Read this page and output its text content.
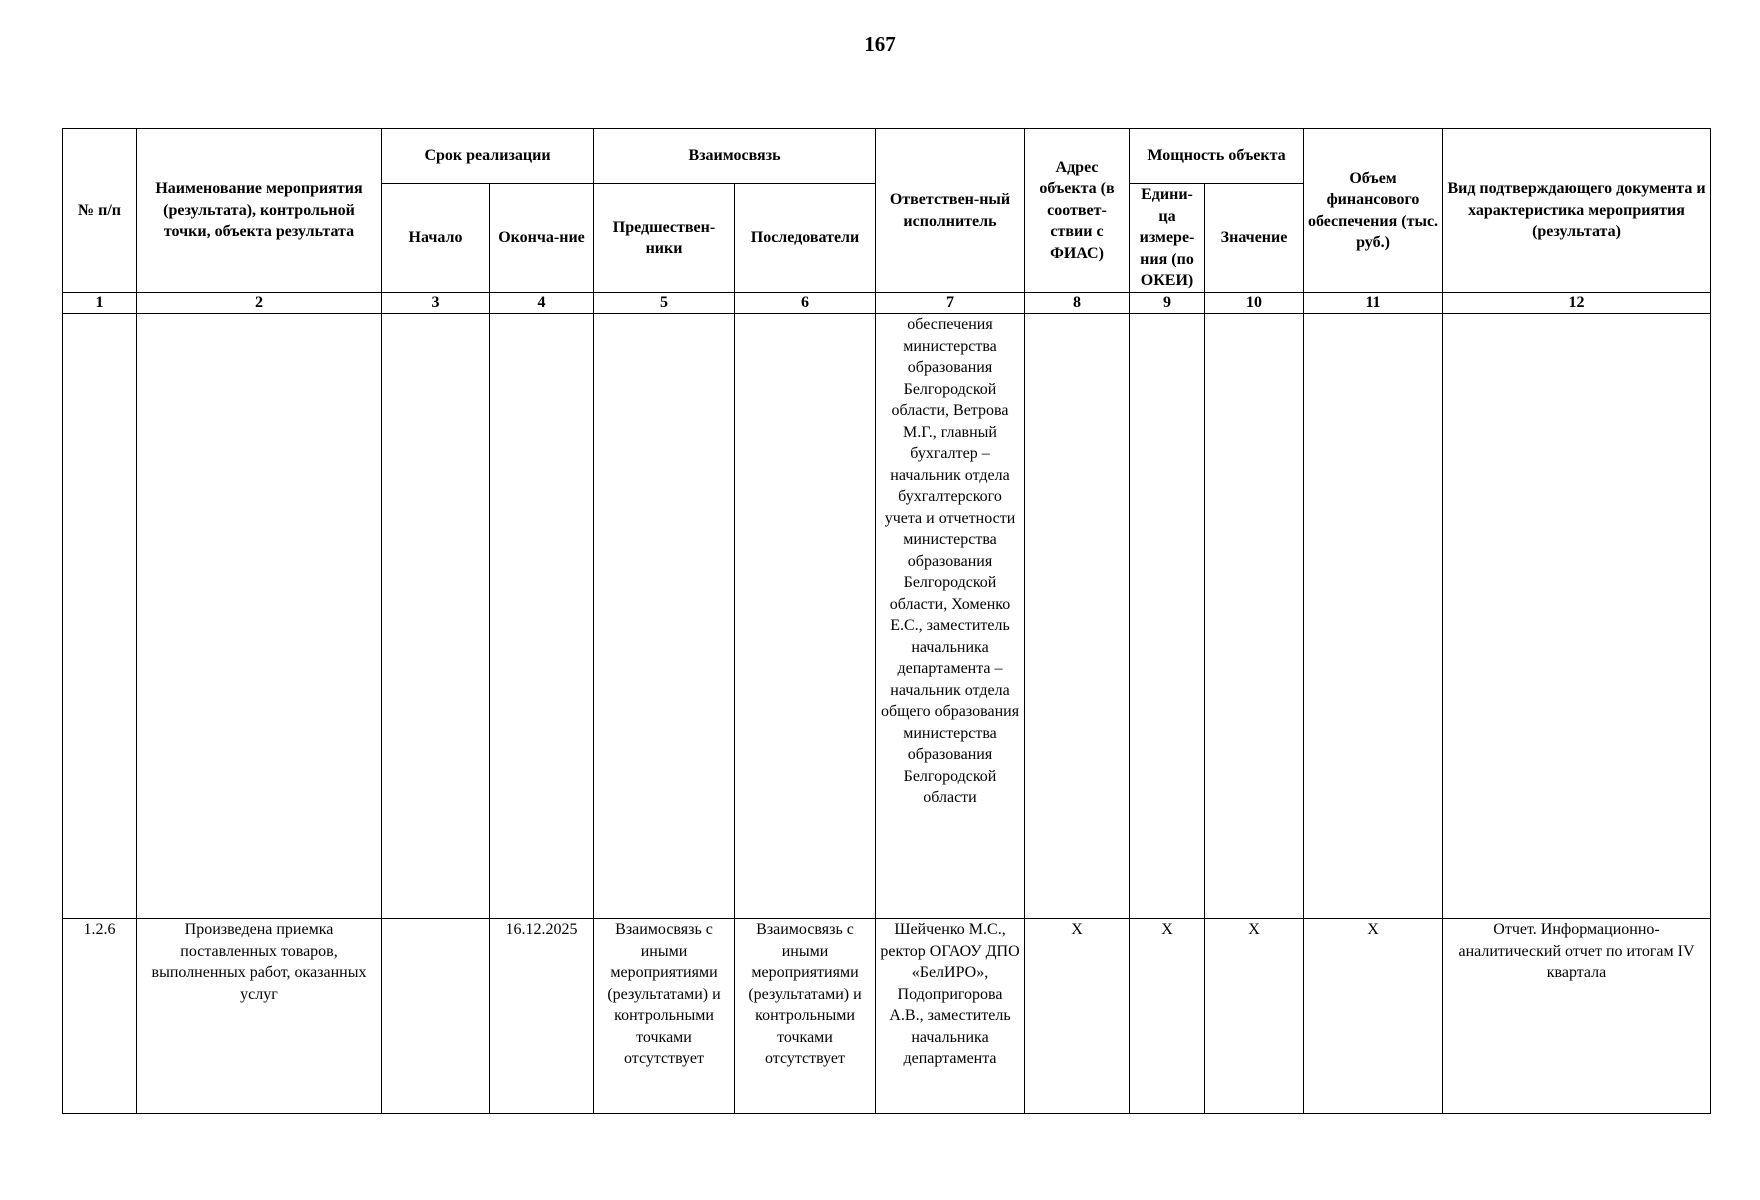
167
№ п/п	Наименование мероприятия (результата), контрольной точки, объекта результата	Срок реализации		Взаимосвязь		Ответствен-ный исполнитель	Адрес объекта (в соответ-ствии с ФИАС)	Мощность объекта		Объем финансового обеспечения (тыс. руб.)	Вид подтверждающего документа и характеристика мероприятия (результата)
		Начало	Оконча-ние	Предшествен-ники	Последователи			Едини-ца измере-ния (по ОКЕИ)	Значение		
1	2	3	4	5	6	7	8	9	10	11	12
						обеспечения министерства образования Белгородской области, Ветрова М.Г., главный бухгалтер – начальник отдела бухгалтерского учета и отчетности министерства образования Белгородской области, Хоменко Е.С., заместитель начальника департамента – начальник отдела общего образования министерства образования Белгородской области					
1.2.6	Произведена приемка поставленных товаров, выполненных работ, оказанных услуг		16.12.2025	Взаимосвязь с иными мероприятиями (результатами) и контрольными точками отсутствует	Взаимосвязь с иными мероприятиями (результатами) и контрольными точками отсутствует	Шейченко М.С., ректор ОГАОУ ДПО «БелИРО», Подопригорова А.В., заместитель начальника департамента	X	X	X	X	Отчет. Информационно-аналитический отчет по итогам IV квартала
